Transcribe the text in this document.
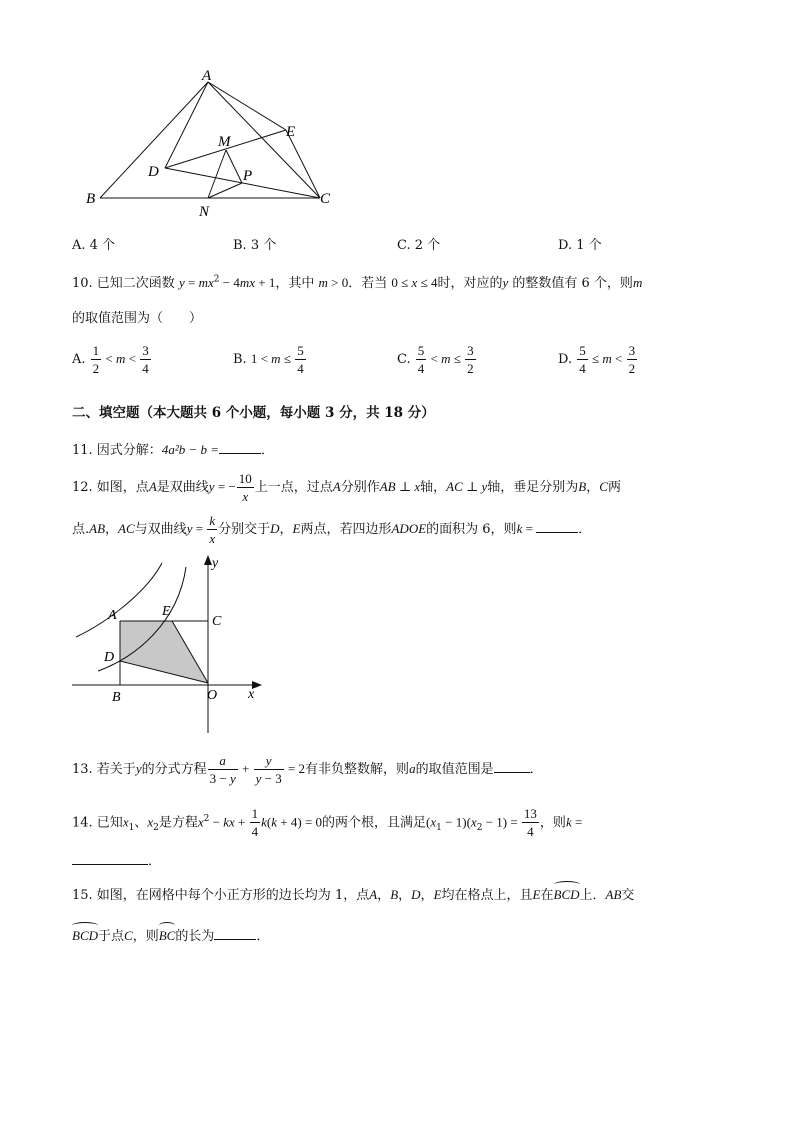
A
E
M
D	P
B
N
C
A. 4 个	B. 3 个	C. 2 个	D. 1 个
10. 已知二次函数 $y = mx^2 - 4mx + 1$，其中 m > 0．若当 0 ≤ x ≤ 4时，对应的y 的整数值有 6 个，则m
的取值范围为（　　）
A. $\frac{1}{2} < m < \frac{3}{4}$	B. $1 < m \le \frac{5}{4}$	C. $\frac{5}{4} < m \le \frac{3}{2}$	D. $\frac{5}{4} \le m < \frac{3}{2}$
二、填空题（本大题共 6 个小题，每小题 3 分，共 18 分）
11. 因式分解：4a²b − b =	．
12. 如图，点A是双曲线y = − $\frac{10}{x}$ 上一点，过点A分别作AB ⊥ x轴，AC ⊥ y轴，垂足分别为B，C两
点.AB，AC与双曲线$y = \frac{k}{x}$ 分别交于D，E两点，若四边形ADOE的面积为 6，则k =	．
y
A	E
C
D
B	O x
13. 若关于y的分式方程 $\frac{a}{3 - y} + \frac{y}{y - 3} = 2$有非负整数解，则a的取值范围是	．
14. 已知$x_1$、$x_2$是方程$x^2$ − kx + $\frac{1}{4} k(k + 4) = 0$的两个根，且满足$(x_1 - 1)(x_2 - 1) = \frac{13}{4}$ ，则k =
．
15. 如图，在网格中每个小正方形的边长均为 1，点A，B，D，E均在格点上，且E在
BCD上．AB交
BCD于点C，则
BC的长为	．
